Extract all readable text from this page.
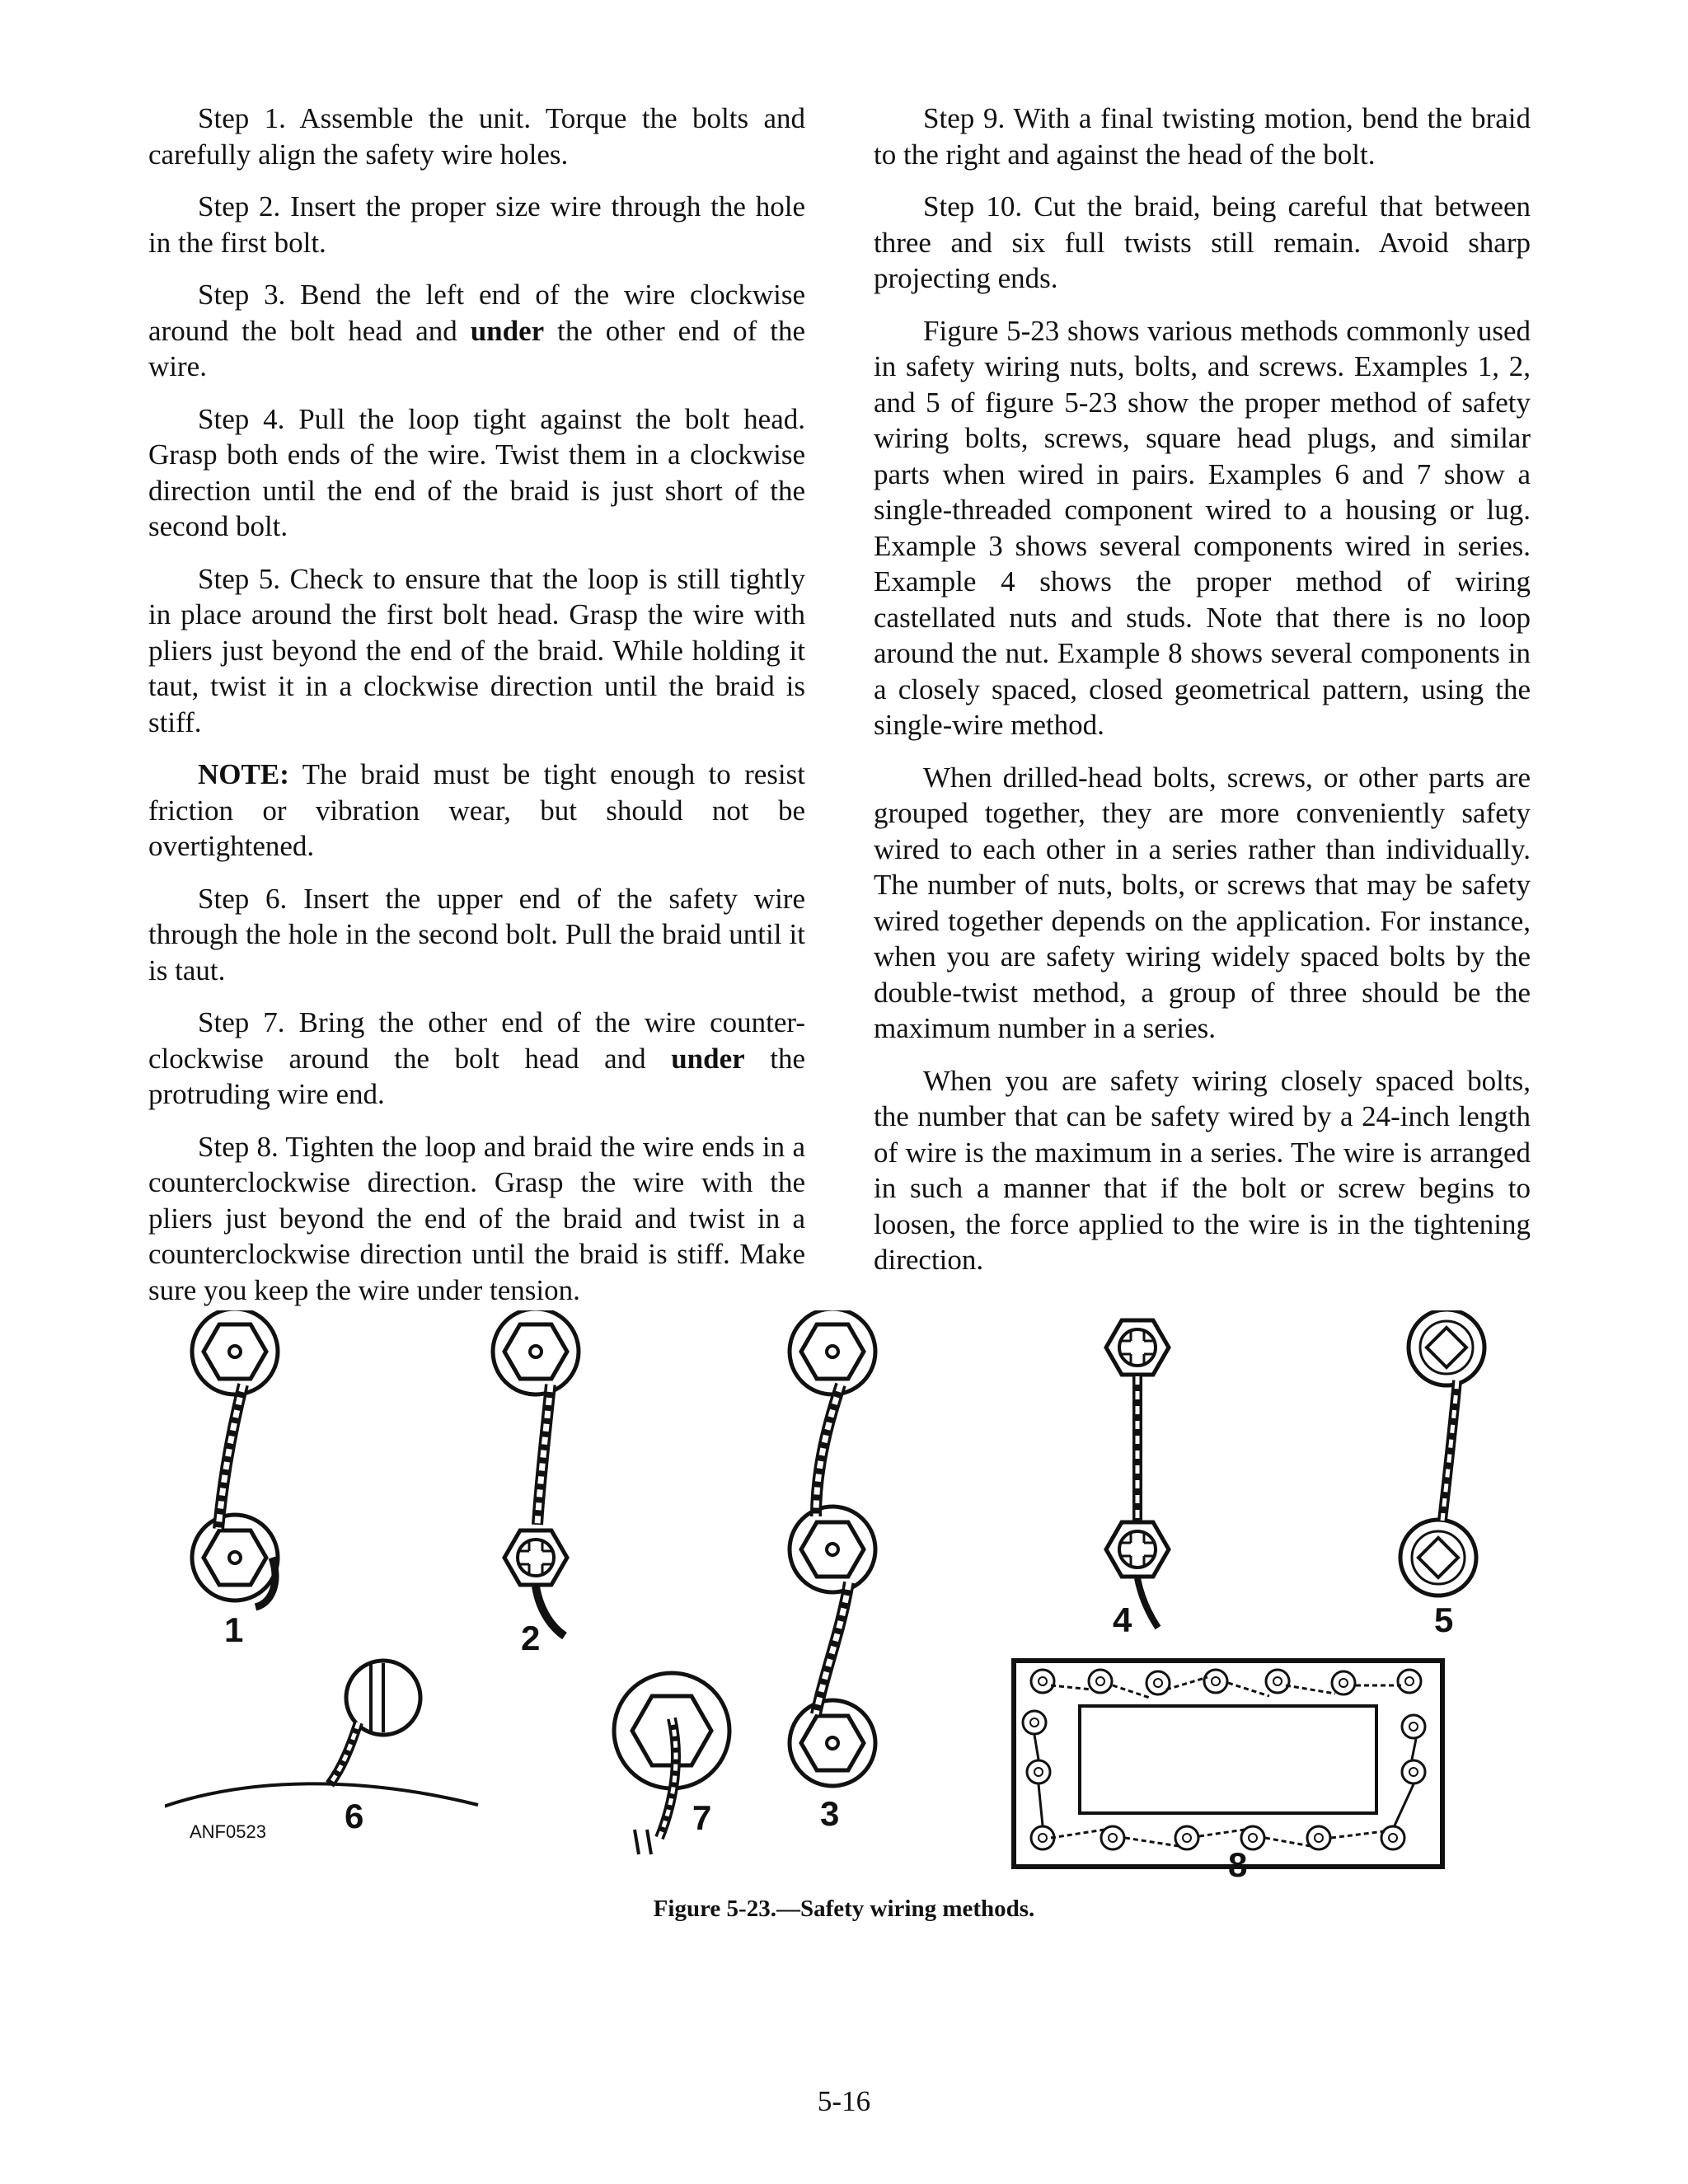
Step 1. Assemble the unit. Torque the bolts and carefully align the safety wire holes.

Step 2. Insert the proper size wire through the hole in the first bolt.

Step 3. Bend the left end of the wire clockwise around the bolt head and under the other end of the wire.

Step 4. Pull the loop tight against the bolt head. Grasp both ends of the wire. Twist them in a clockwise direction until the end of the braid is just short of the second bolt.

Step 5. Check to ensure that the loop is still tightly in place around the first bolt head. Grasp the wire with pliers just beyond the end of the braid. While holding it taut, twist it in a clockwise direction until the braid is stiff.

NOTE: The braid must be tight enough to resist friction or vibration wear, but should not be overtightened.

Step 6. Insert the upper end of the safety wire through the hole in the second bolt. Pull the braid until it is taut.

Step 7. Bring the other end of the wire counter-clockwise around the bolt head and under the protruding wire end.

Step 8. Tighten the loop and braid the wire ends in a counterclockwise direction. Grasp the wire with the pliers just beyond the end of the braid and twist in a counterclockwise direction until the braid is stiff. Make sure you keep the wire under tension.

Step 9. With a final twisting motion, bend the braid to the right and against the head of the bolt.

Step 10. Cut the braid, being careful that between three and six full twists still remain. Avoid sharp projecting ends.

Figure 5-23 shows various methods commonly used in safety wiring nuts, bolts, and screws. Examples 1, 2, and 5 of figure 5-23 show the proper method of safety wiring bolts, screws, square head plugs, and similar parts when wired in pairs. Examples 6 and 7 show a single-threaded component wired to a housing or lug. Example 3 shows several components wired in series. Example 4 shows the proper method of wiring castellated nuts and studs. Note that there is no loop around the nut. Example 8 shows several components in a closely spaced, closed geometrical pattern, using the single-wire method.

When drilled-head bolts, screws, or other parts are grouped together, they are more conveniently safety wired to each other in a series rather than individually. The number of nuts, bolts, or screws that may be safety wired together depends on the application. For instance, when you are safety wiring widely spaced bolts by the double-twist method, a group of three should be the maximum number in a series.

When you are safety wiring closely spaced bolts, the number that can be safety wired by a 24-inch length of wire is the maximum in a series. The wire is arranged in such a manner that if the bolt or screw begins to loosen, the force applied to the wire is in the tightening direction.

1	2
3
4	5
ANF0523 6	7
8
Figure 5-23.—Safety wiring methods.
5-16
